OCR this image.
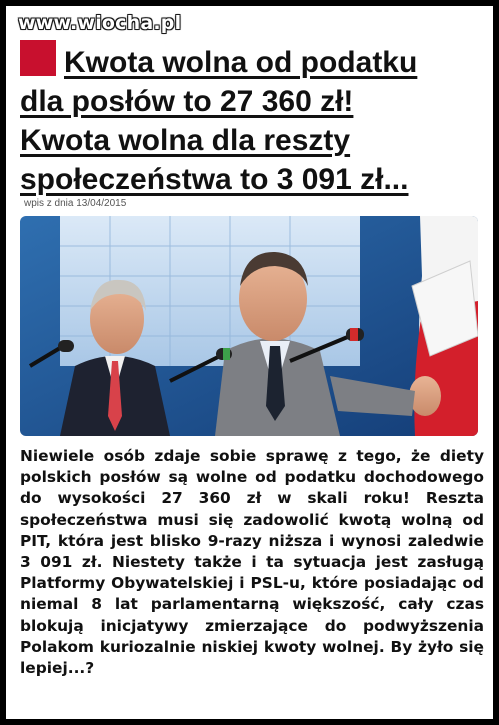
www.wiocha.pl
Kwota wolna od podatku
dla posłów to 27 360 zł!
Kwota wolna dla reszty
społeczeństwa to 3 091 zł...
wpis z dnia 13/04/2015

Niewiele osób zdaje sobie sprawę z tego, że diety polskich posłów są wolne od podatku dochodowego do wysokości 27 360 zł w skali roku! Reszta społeczeństwa musi się zadowolić kwotą wolną od PIT, która jest blisko 9-razy niższa i wynosi zaledwie 3 091 zł. Niestety także i ta sytuacja jest zasługą Platformy Obywatelskiej i PSL-u, które posiadając od niemal 8 lat parlamentarną większość, cały czas blokują inicjatywy zmierzające do podwyższenia Polakom kuriozalnie niskiej kwoty wolnej. By żyło się lepiej...?
